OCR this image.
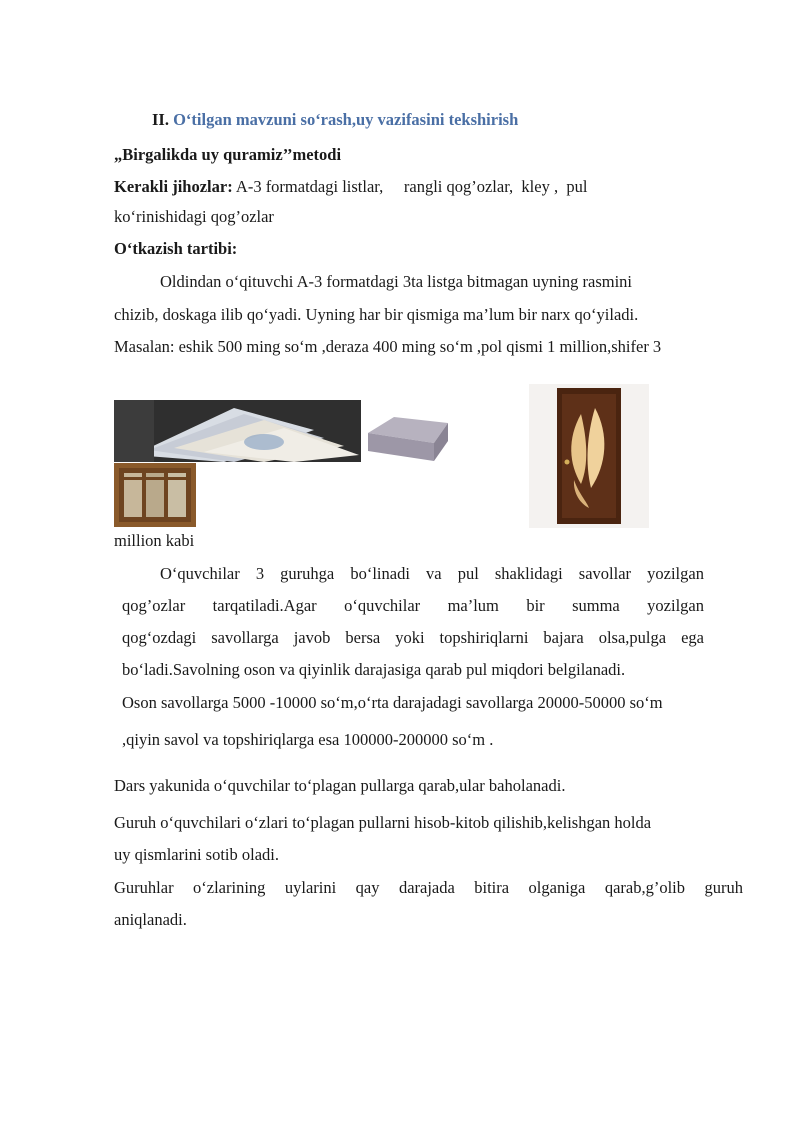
II. O‘tilgan mavzuni so‘rash,uy vazifasini tekshirish
„Birgalikda uy quramiz’’metodi
Kerakli jihozlar: A-3 formatdagi listlar,     rangli qog’ozlar,  kley ,  pul
ko‘rinishidagi qog’ozlar
O‘tkazish tartibi:
Oldindan o‘qituvchi A-3 formatdagi 3ta listga bitmagan uyning rasmini
chizib, doskaga ilib qo‘yadi. Uyning har bir qismiga ma’lum bir narx qo‘yiladi.
Masalan: eshik 500 ming so‘m ,deraza 400 ming so‘m ,pol qismi 1 million,shifer 3
million kabi
O‘quvchilar 3 guruhga bo‘linadi va pul shaklidagi savollar yozilgan
qog’ozlar tarqatiladi.Agar o‘quvchilar ma’lum bir summa yozilgan
qog‘ozdagi savollarga javob bersa yoki topshiriqlarni bajara olsa,pulga ega
bo‘ladi.Savolning oson va qiyinlik darajasiga qarab pul miqdori belgilanadi.
Oson savollarga 5000 -10000 so‘m,o‘rta darajadagi savollarga 20000-50000 so‘m
,qiyin savol va topshiriqlarga esa 100000-200000 so‘m .
Dars yakunida o‘quvchilar to‘plagan pullarga qarab,ular baholanadi.
Guruh o‘quvchilari o‘zlari to‘plagan pullarni hisob-kitob qilishib,kelishgan holda
uy qismlarini sotib oladi.
Guruhlar o‘zlarining uylarini qay darajada bitira olganiga qarab,g’olib guruh
aniqlanadi.
